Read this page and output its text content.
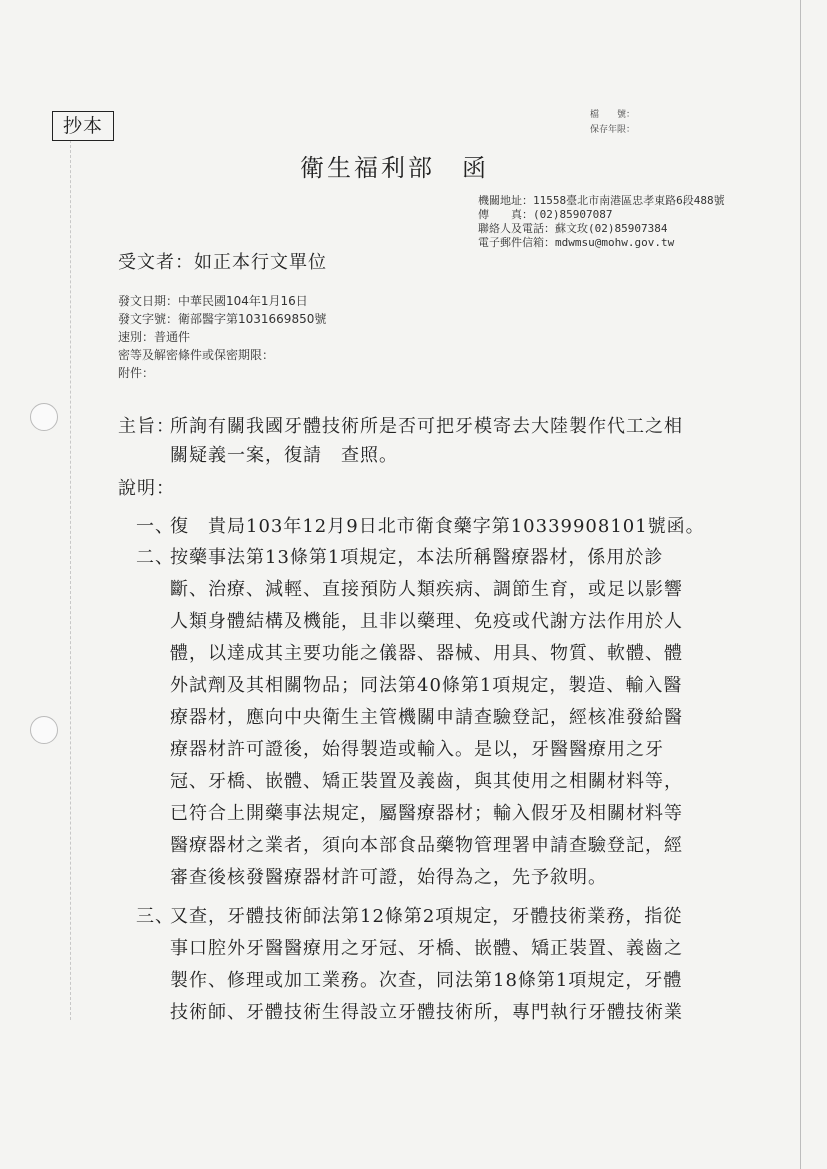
抄本	檔　　號：
保存年限：
衛生福利部　函
機關地址：11558臺北市南港區忠孝東路6段488號
傳　　真：(02)85907087
聯絡人及電話：蘇文玫(02)85907384
電子郵件信箱：mdwmsu@mohw.gov.tw
受文者：如正本行文單位
發文日期：中華民國104年1月16日
發文字號：衛部醫字第1031669850號
速別：普通件
密等及解密條件或保密期限：
附件：
主旨：
所詢有關我國牙體技術所是否可把牙模寄去大陸製作代工之相
關疑義一案，復請　查照。
說明：
一、
復　貴局103年12月9日北市衛食藥字第10339908101號函。
二、
按藥事法第13條第1項規定，本法所稱醫療器材，係用於診
斷、治療、減輕、直接預防人類疾病、調節生育，或足以影響
人類身體結構及機能，且非以藥理、免疫或代謝方法作用於人
體，以達成其主要功能之儀器、器械、用具、物質、軟體、體
外試劑及其相關物品；同法第40條第1項規定，製造、輸入醫
療器材，應向中央衛生主管機關申請查驗登記，經核准發給醫
療器材許可證後，始得製造或輸入。是以，牙醫醫療用之牙
冠、牙橋、嵌體、矯正裝置及義齒，與其使用之相關材料等，
已符合上開藥事法規定，屬醫療器材；輸入假牙及相關材料等
醫療器材之業者，須向本部食品藥物管理署申請查驗登記，經
審查後核發醫療器材許可證，始得為之，先予敘明。
三、
又查，牙體技術師法第12條第2項規定，牙體技術業務，指從
事口腔外牙醫醫療用之牙冠、牙橋、嵌體、矯正裝置、義齒之
製作、修理或加工業務。次查，同法第18條第1項規定，牙體
技術師、牙體技術生得設立牙體技術所，專門執行牙體技術業
